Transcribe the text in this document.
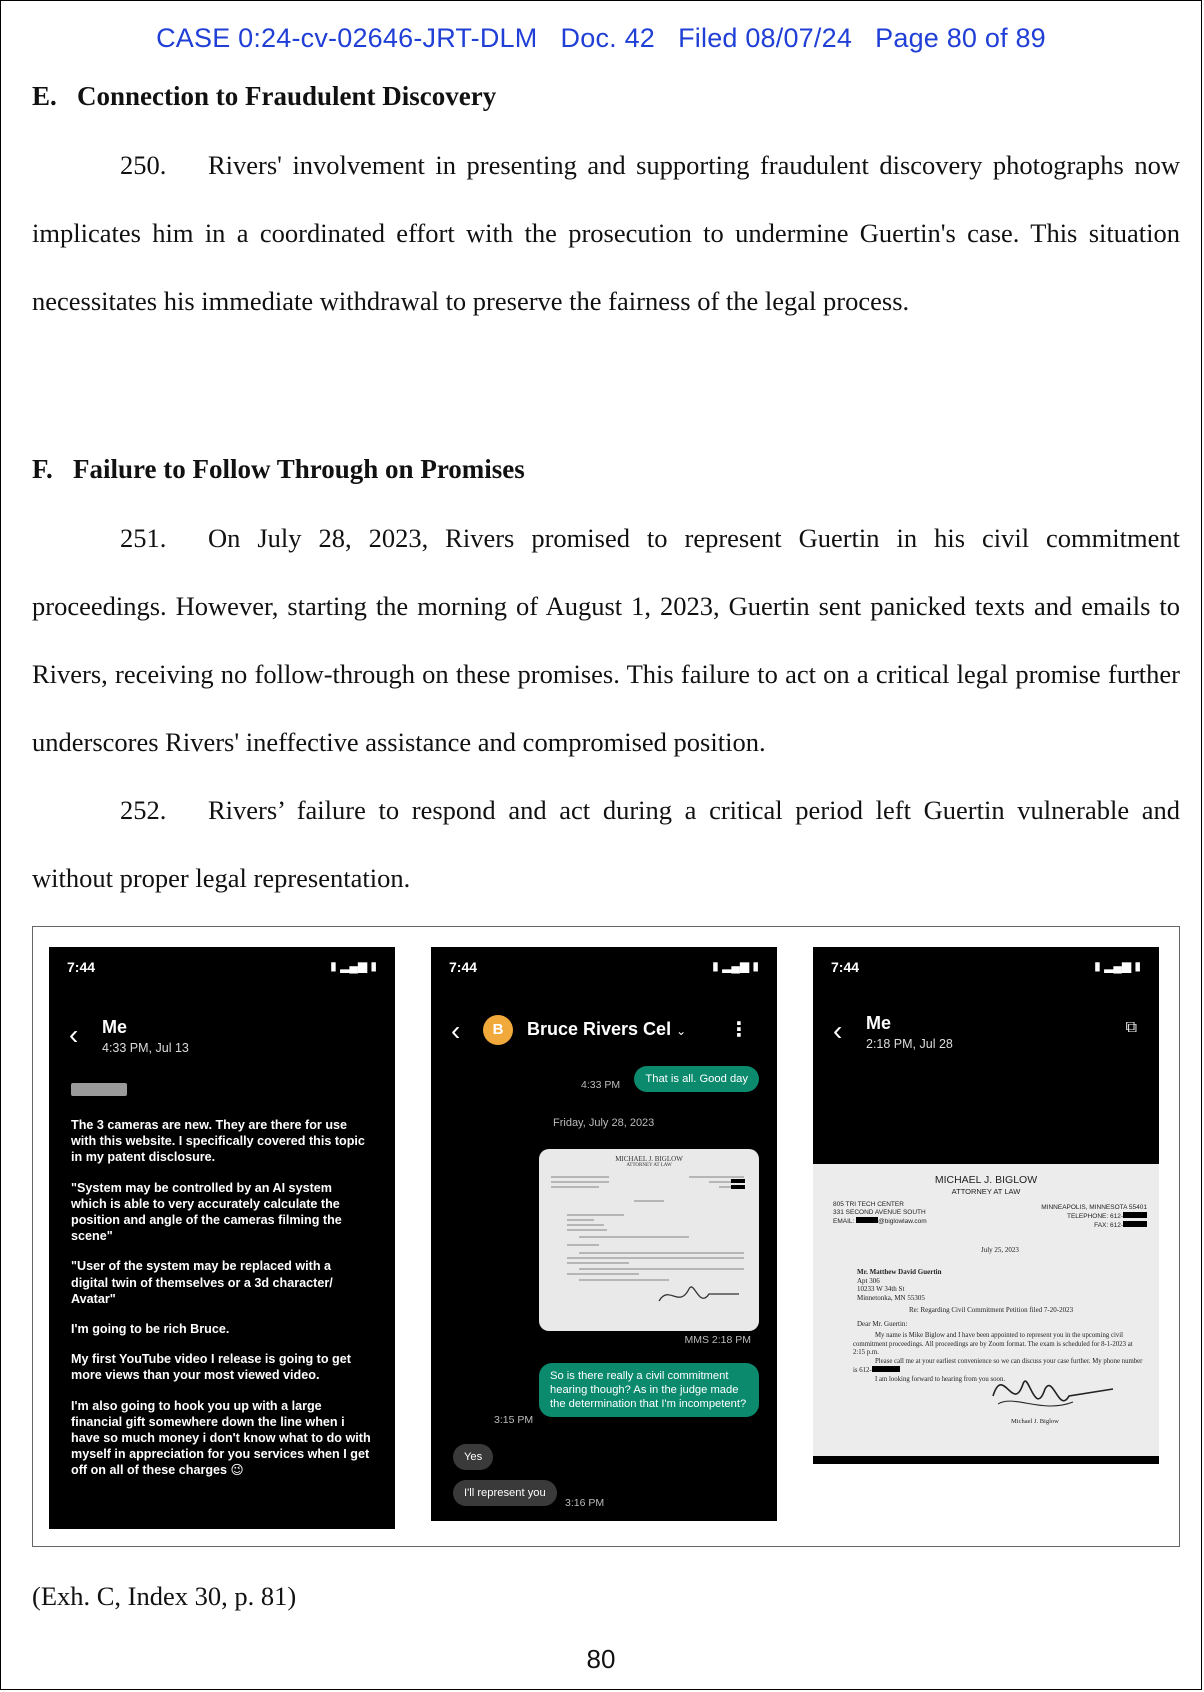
CASE 0:24-cv-02646-JRT-DLM Doc. 42 Filed 08/07/24 Page 80 of 89
E.   Connection to Fraudulent Discovery

250. Rivers' involvement in presenting and supporting fraudulent discovery photographs now implicates him in a coordinated effort with the prosecution to undermine Guertin's case. This situation necessitates his immediate withdrawal to preserve the fairness of the legal process.

F.   Failure to Follow Through on Promises

251. On July 28, 2023, Rivers promised to represent Guertin in his civil commitment proceedings. However, starting the morning of August 1, 2023, Guertin sent panicked texts and emails to Rivers, receiving no follow-through on these promises. This failure to act on a critical legal promise further underscores Rivers' ineffective assistance and compromised position.

252. Rivers’ failure to respond and act during a critical period left Guertin vulnerable and without proper legal representation.

7:44	▮ ▂▄▆ ▮
‹ Me
4:33 PM, Jul 13

The 3 cameras are new. They are there for use with this website. I specifically covered this topic in my patent disclosure.

"System may be controlled by an AI system which is able to very accurately calculate the position and angle of the cameras filming the scene"

"User of the system may be replaced with a digital twin of themselves or a 3d character/ Avatar"

I'm going to be rich Bruce.

My first YouTube video I release is going to get more views than your most viewed video.

I'm also going to hook you up with a large financial gift somewhere down the line when i have so much money i don't know what to do with myself in appreciation for you services when I get off on all of these charges 😉

7:44	▮ ▂▄▆ ▮
‹	B	Bruce Rivers Cel ⌄ ⋮
That is all. Good day
4:33 PM
Friday, July 28, 2023
MICHAEL J. BIGLOW
ATTORNEY AT LAW
MMS 2:18 PM
So is there really a civil commitment hearing though? As in the judge made the determination that I'm incompetent?
3:15 PM
Yes
I'll represent you
3:16 PM
7:44	▮ ▂▄▆ ▮
‹ Me
2:18 PM, Jul 28
⧉
MICHAEL J. BIGLOW
ATTORNEY AT LAW
805 TRI TECH CENTER
331 SECOND AVENUE SOUTH
EMAIL:	@biglowlaw.com
MINNEAPOLIS, MINNESOTA 55401
TELEPHONE: 612-
FAX: 612-
July 25, 2023
Mr. Matthew David Guertin
Apt 306
10233 W 34th St
Minnetonka, MN 55305
Re: Regarding Civil Commitment Petition filed 7-20-2023
Dear Mr. Guertin:
My name is Mike Biglow and I have been appointed to represent you in the upcoming civil commitment proceedings. All proceedings are by Zoom format. The exam is scheduled for 8-1-2023 at 2:15 p.m.
Please call me at your earliest convenience so we can discuss your case further. My phone number is 612-
I am looking forward to hearing from you soon.
Michael J. Biglow
(Exh. C, Index 30, p. 81)
80
